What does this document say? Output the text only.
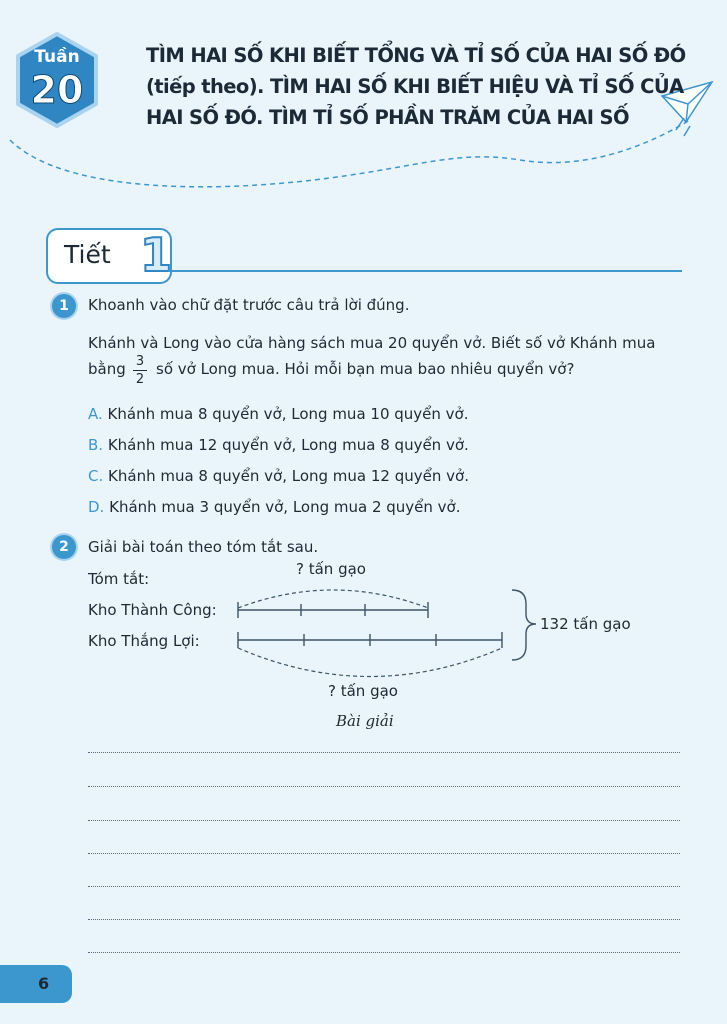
Tuần
20
TÌM HAI SỐ KHI BIẾT TỔNG VÀ TỈ SỐ CỦA HAI SỐ ĐÓ
(tiếp theo). TÌM HAI SỐ KHI BIẾT HIỆU VÀ TỈ SỐ CỦA
HAI SỐ ĐÓ. TÌM TỈ SỐ PHẦN TRĂM CỦA HAI SỐ
Tiết 1
1	Khoanh vào chữ đặt trước câu trả lời đúng.
Khánh và Long vào cửa hàng sách mua 20 quyển vở. Biết số vở Khánh mua
bằng 3
2
số vở Long mua. Hỏi mỗi bạn mua bao nhiêu quyển vở?
A. Khánh mua 8 quyển vở, Long mua 10 quyển vở.
B. Khánh mua 12 quyển vở, Long mua 8 quyển vở.
C. Khánh mua 8 quyển vở, Long mua 12 quyển vở.
D. Khánh mua 3 quyển vở, Long mua 2 quyển vở.
2	Giải bài toán theo tóm tắt sau.
Tóm tắt:
? tấn gạo
Kho Thành Công:
Kho Thắng Lợi:
132 tấn gạo
? tấn gạo
Bài giải
6
